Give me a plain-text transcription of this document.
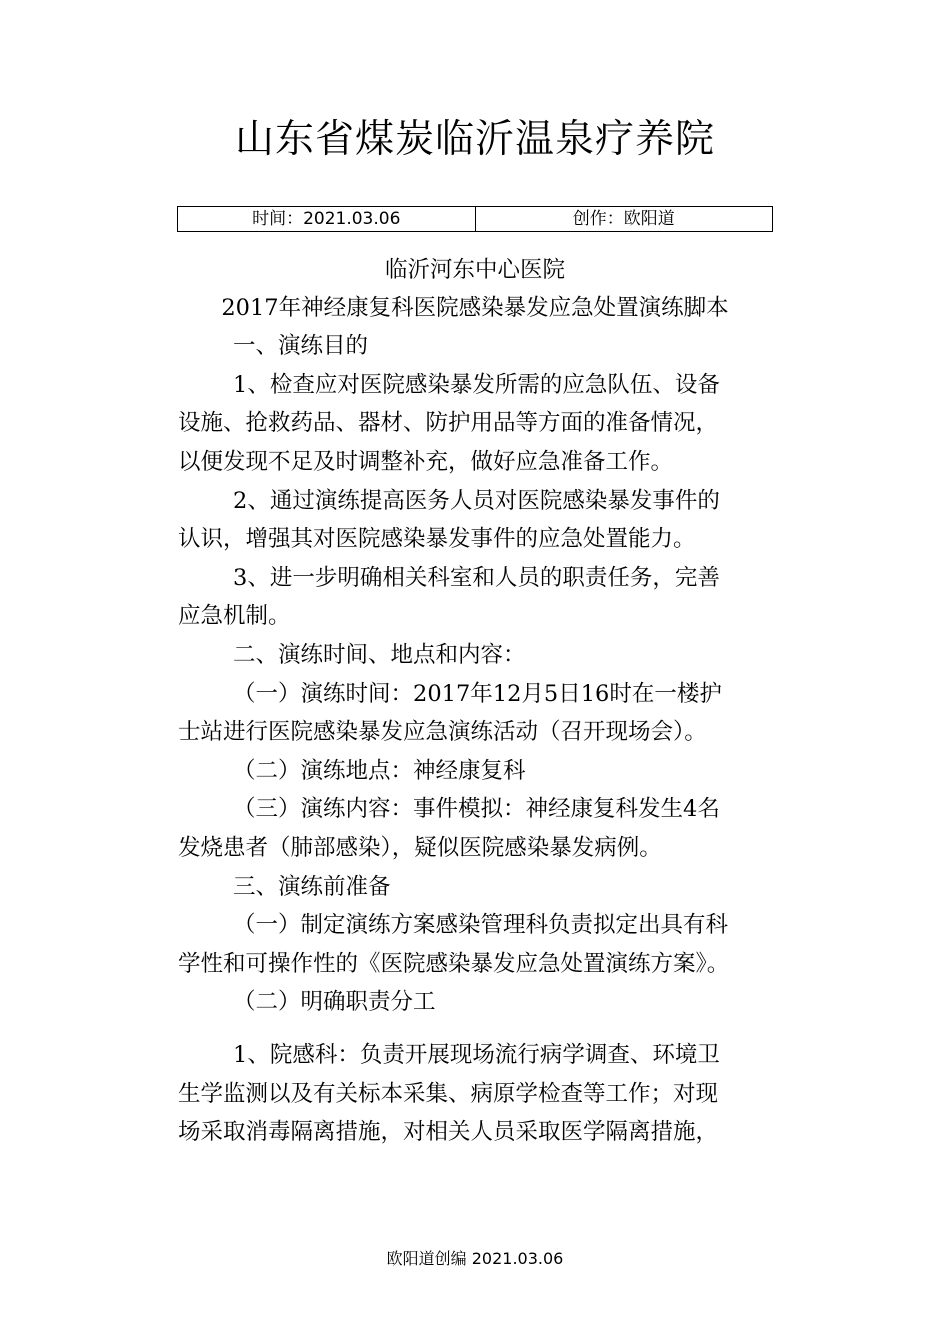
山东省煤炭临沂温泉疗养院
时间：2021.03.06	创作：欧阳道
临沂河东中心医院
2017年神经康复科医院感染暴发应急处置演练脚本
一、演练目的
1、检查应对医院感染暴发所需的应急队伍、设备
设施、抢救药品、器材、防护用品等方面的准备情况，
以便发现不足及时调整补充，做好应急准备工作。
2、通过演练提高医务人员对医院感染暴发事件的
认识，增强其对医院感染暴发事件的应急处置能力。
3、进一步明确相关科室和人员的职责任务，完善
应急机制。
二、演练时间、地点和内容：
（一）演练时间：2017年12月5日16时在一楼护
士站进行医院感染暴发应急演练活动（召开现场会）。
（二）演练地点：神经康复科
（三）演练内容：事件模拟：神经康复科发生4名
发烧患者（肺部感染），疑似医院感染暴发病例。
三、演练前准备
（一）制定演练方案感染管理科负责拟定出具有科
学性和可操作性的《医院感染暴发应急处置演练方案》。
（二）明确职责分工
1、院感科：负责开展现场流行病学调查、环境卫
生学监测以及有关标本采集、病原学检查等工作；对现
场采取消毒隔离措施，对相关人员采取医学隔离措施，
欧阳道创编 2021.03.06
